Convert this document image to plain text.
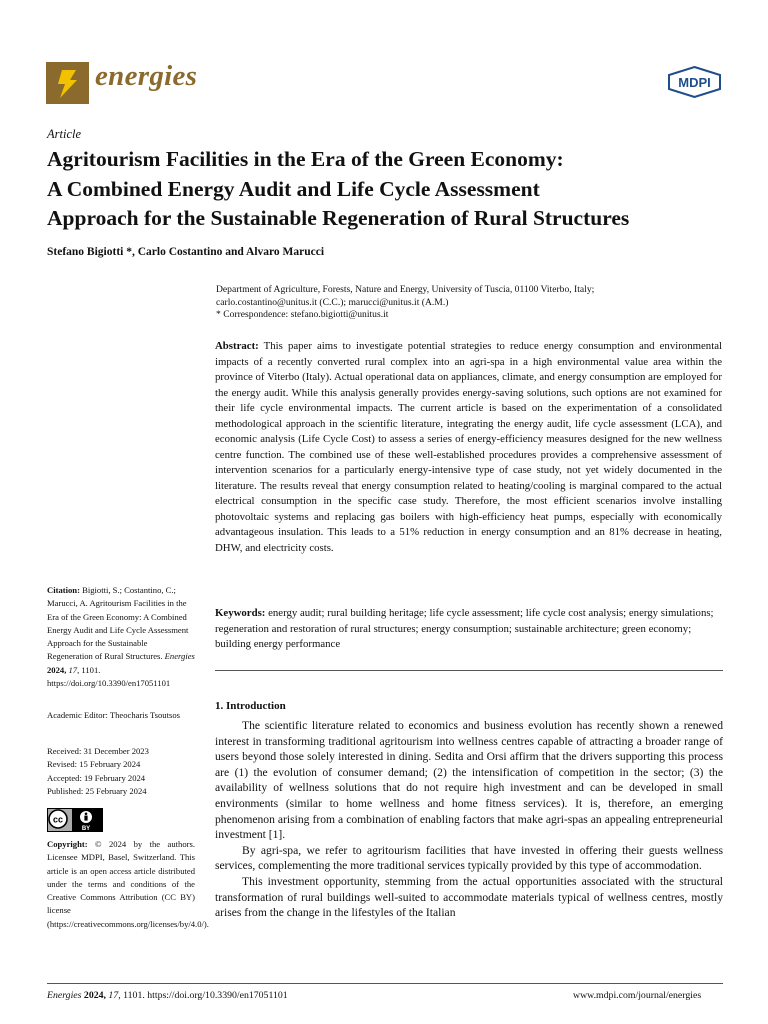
energies	MDPI
Article
Agritourism Facilities in the Era of the Green Economy:
A Combined Energy Audit and Life Cycle Assessment
Approach for the Sustainable Regeneration of Rural Structures
Stefano Bigiotti *, Carlo Costantino and Alvaro Marucci
Department of Agriculture, Forests, Nature and Energy, University of Tuscia, 01100 Viterbo, Italy;
carlo.costantino@unitus.it (C.C.); marucci@unitus.it (A.M.)
* Correspondence: stefano.bigiotti@unitus.it
Abstract: This paper aims to investigate potential strategies to reduce energy consumption and environmental impacts of a recently converted rural complex into an agri-spa in a high environmental value area within the province of Viterbo (Italy). Actual operational data on appliances, climate, and energy consumption are employed for the energy audit. While this analysis generally provides energy-saving solutions, such options are not examined for their life cycle environmental impacts. The current article is based on the experimentation of a consolidated methodological approach in the scientific literature, integrating the energy audit, life cycle assessment (LCA), and economic analysis (Life Cycle Cost) to assess a series of energy-efficiency measures designed for the new wellness centre function. The combined use of these well-established procedures provides a comprehensive assessment of intervention scenarios for a particularly energy-intensive type of case study, not yet widely documented in the literature. The results reveal that energy consumption related to heating/cooling is marginal compared to the actual electrical consumption in the specific case study. Therefore, the most efficient scenarios involve installing photovoltaic systems and replacing gas boilers with high-efficiency heat pumps, especially with economically advantageous insulation. This leads to a 51% reduction in energy consumption and an 81% decrease in heating, DHW, and electricity costs.
Keywords: energy audit; rural building heritage; life cycle assessment; life cycle cost analysis; energy simulations; regeneration and restoration of rural structures; energy consumption; sustainable architecture; green economy; building energy performance
1. Introduction

The scientific literature related to economics and business evolution has recently shown a renewed interest in transforming traditional agritourism into wellness centres capable of attracting a broader range of users beyond those solely interested in dining. Sedita and Orsi affirm that the drivers supporting this process are (1) the evolution of consumer demand; (2) the intensification of competition in the sector; (3) the availability of wellness solutions that do not require high investment and can be developed in small environments (similar to home wellness and home fitness services). It is, therefore, an emerging phenomenon arising from a combination of enabling factors that make agri-spas an appealing entrepreneurial investment [1].

By agri-spa, we refer to agritourism facilities that have invested in offering their guests wellness services, complementing the more traditional services typically provided by this type of accommodation.

This investment opportunity, stemming from the actual opportunities associated with the structural transformation of rural buildings well-suited to accommodate materials typical of wellness centres, mostly arises from the change in the lifestyles of the Italian

Citation: Bigiotti, S.; Costantino, C.; Marucci, A. Agritourism Facilities in the Era of the Green Economy: A Combined Energy Audit and Life Cycle Assessment Approach for the Sustainable Regeneration of Rural Structures. Energies 2024, 17, 1101. https://doi.org/10.3390/en17051101
Academic Editor: Theocharis Tsoutsos
Received: 31 December 2023
Revised: 15 February 2024
Accepted: 19 February 2024
Published: 25 February 2024
cc
BY
Copyright: © 2024 by the authors. Licensee MDPI, Basel, Switzerland. This article is an open access article distributed under the terms and conditions of the Creative Commons Attribution (CC BY) license (https://creativecommons.org/licenses/by/4.0/).
Energies 2024, 17, 1101. https://doi.org/10.3390/en17051101	www.mdpi.com/journal/energies
